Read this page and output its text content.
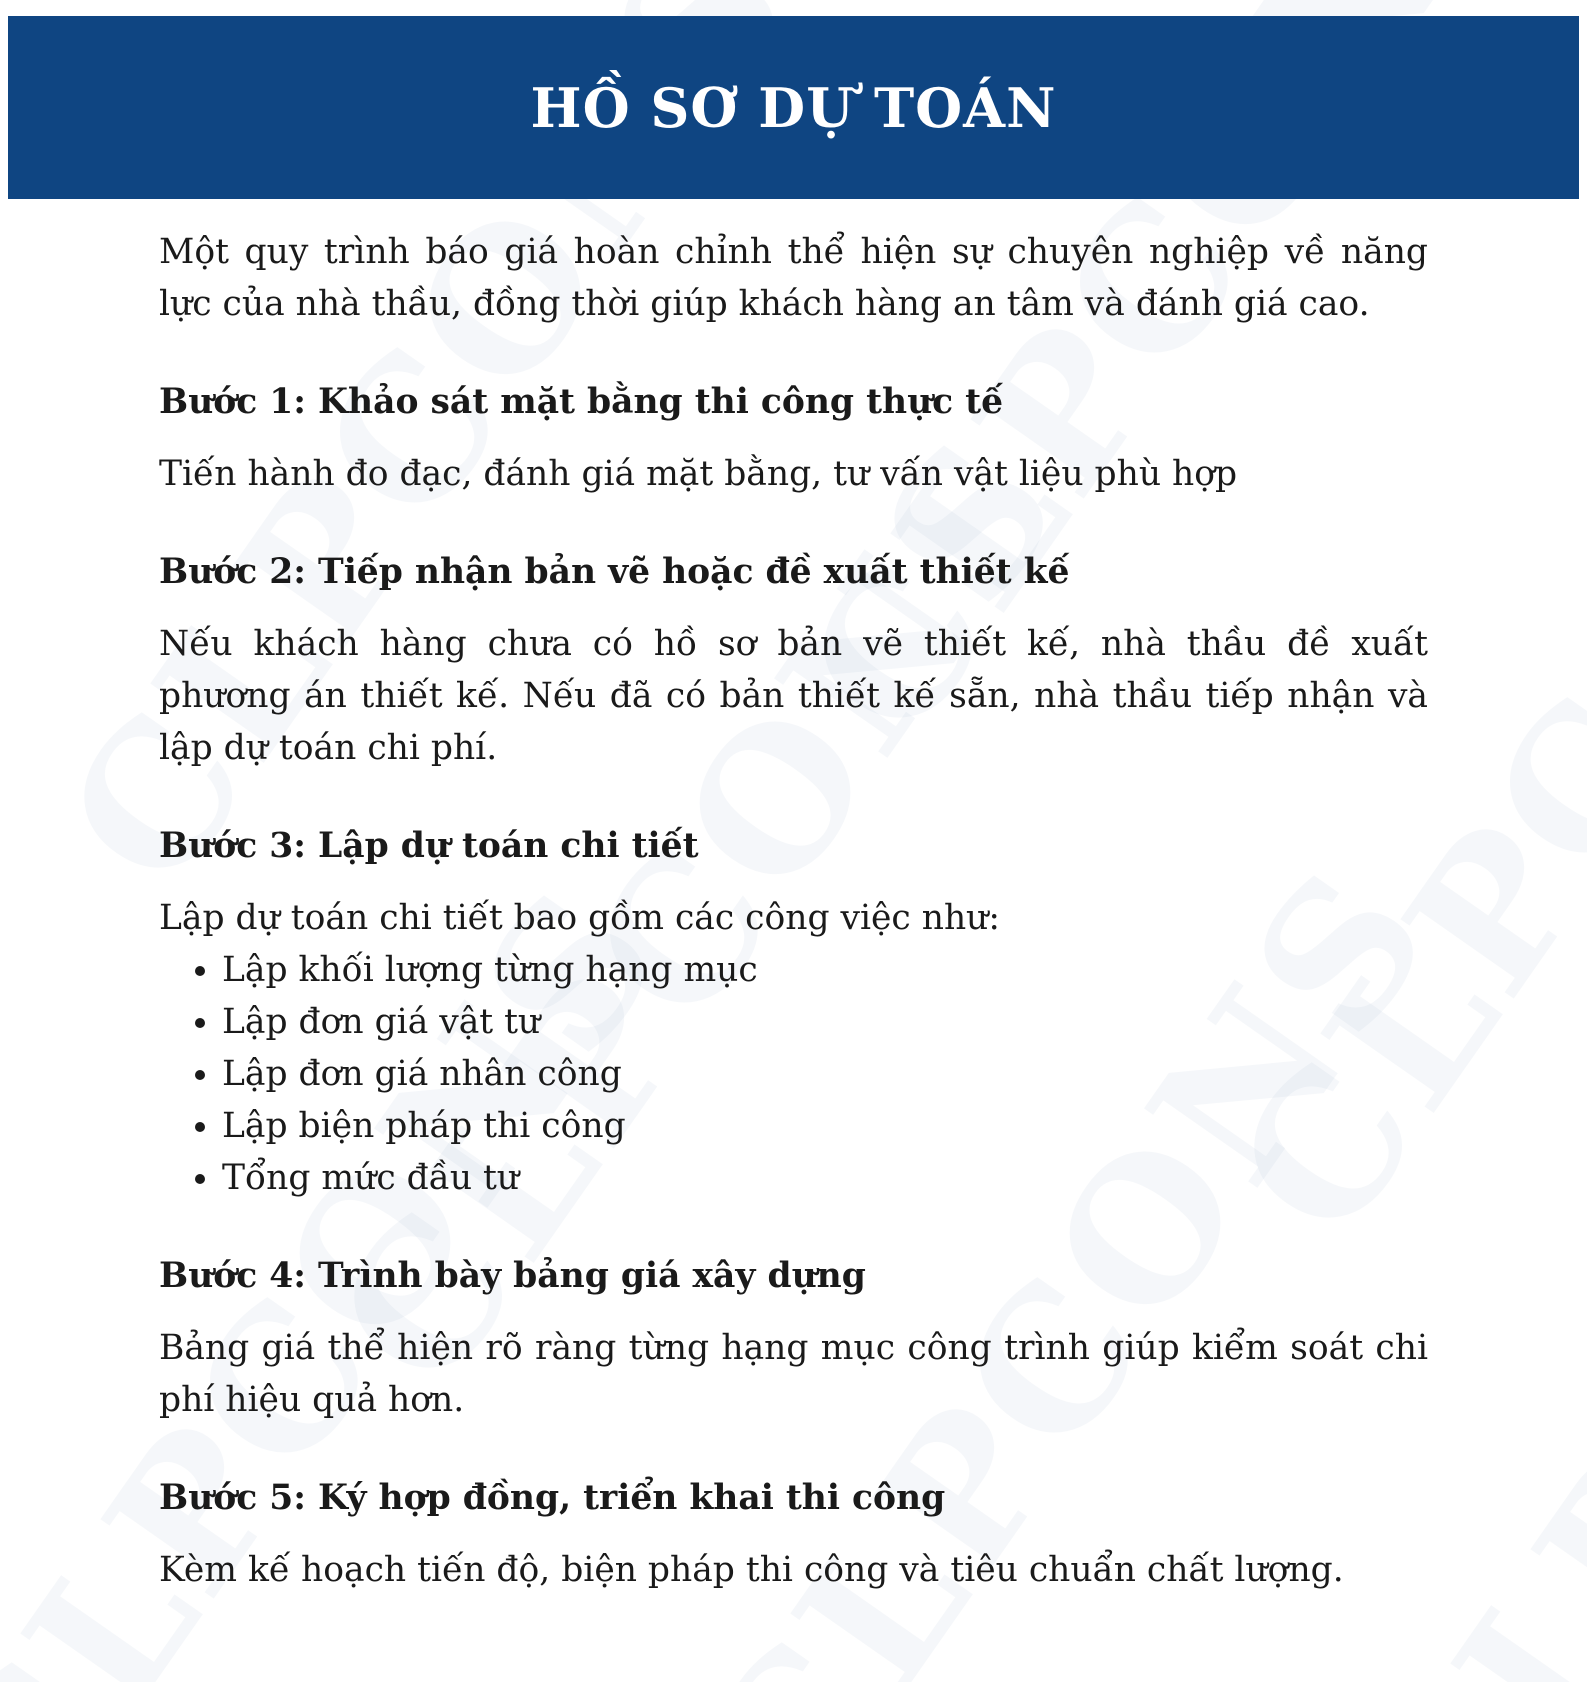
HỒ SƠ DỰ TOÁN

Một quy trình báo giá hoàn chỉnh thể hiện sự chuyên nghiệp về năng lực của nhà thầu, đồng thời giúp khách hàng an tâm và đánh giá cao.

Bước 1: Khảo sát mặt bằng thi công thực tế

Tiến hành đo đạc, đánh giá mặt bằng, tư vấn vật liệu phù hợp

Bước 2: Tiếp nhận bản vẽ hoặc đề xuất thiết kế

Nếu khách hàng chưa có hồ sơ bản vẽ thiết kế, nhà thầu đề xuất phương án thiết kế. Nếu đã có bản thiết kế sẵn, nhà thầu tiếp nhận và lập dự toán chi phí.

Bước 3: Lập dự toán chi tiết

Lập dự toán chi tiết bao gồm các công việc như:

• Lập khối lượng từng hạng mục
• Lập đơn giá vật tư
• Lập đơn giá nhân công
• Lập biện pháp thi công
• Tổng mức đầu tư
Bước 4: Trình bày bảng giá xây dựng

Bảng giá thể hiện rõ ràng từng hạng mục công trình giúp kiểm soát chi phí hiệu quả hơn.

Bước 5: Ký hợp đồng, triển khai thi công

Kèm kế hoạch tiến độ, biện pháp thi công và tiêu chuẩn chất lượng.
